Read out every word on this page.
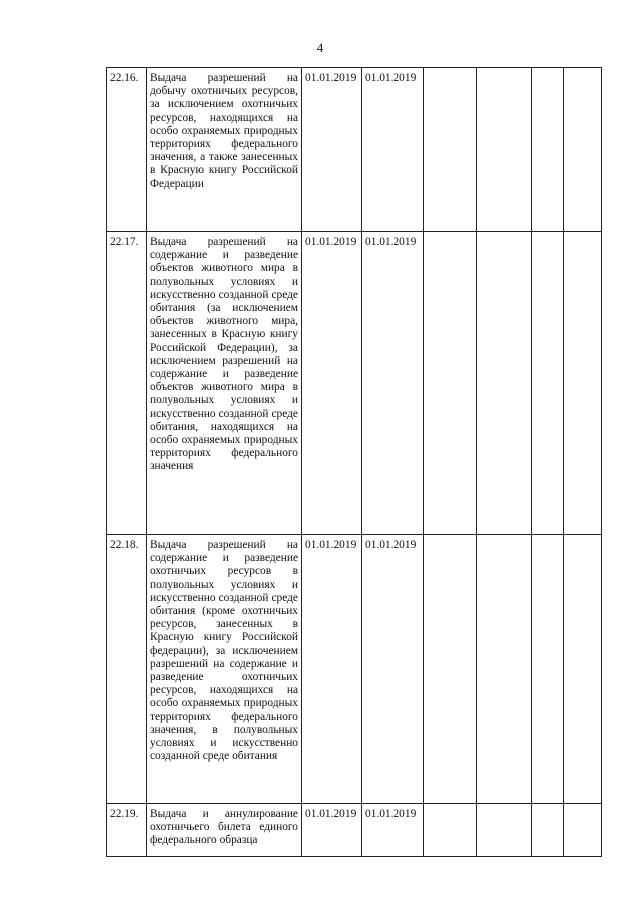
4
22.16.	Выдача разрешений на добычу охотничьих ресурсов, за исключением охотничьих ресурсов, находящихся на особо охраняемых природных территориях федерального значения, а также занесенных в Красную книгу Российской Федерации	01.01.2019	01.01.2019				
22.17.	Выдача разрешений на содержание и разведение объектов животного мира в полувольных условиях и искусственно созданной среде обитания (за исключением объектов животного мира, занесенных в Красную книгу Российской Федерации), за исключением разрешений на содержание и разведение объектов животного мира в полувольных условиях и искусственно созданной среде обитания, находящихся на особо охраняемых природных территориях федерального значения	01.01.2019	01.01.2019				
22.18.	Выдача разрешений на содержание и разведение охотничьих ресурсов в полувольных условиях и искусственно созданной среде обитания (кроме охотничьих ресурсов, занесенных в Красную книгу Российской федерации), за исключением разрешений на содержание и разведение охотничьих ресурсов, находящихся на особо охраняемых природных территориях федерального значения, в полувольных условиях и искусственно созданной среде обитания	01.01.2019	01.01.2019				
22.19.	Выдача и аннулирование охотничьего билета единого федерального образца	01.01.2019	01.01.2019				
